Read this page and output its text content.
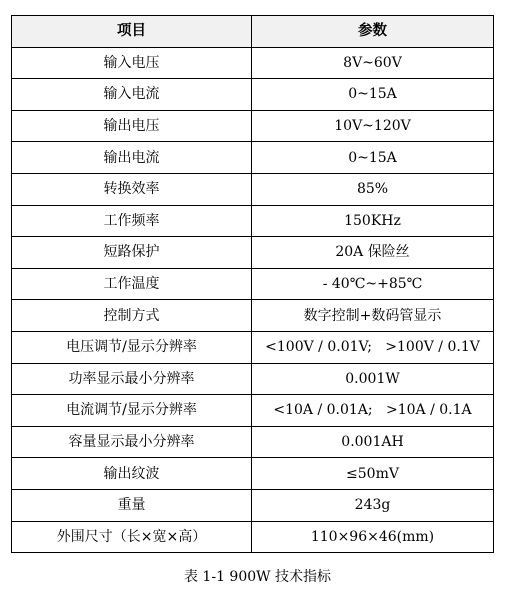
项目	参数
输入电压	8V~60V
输入电流	0~15A
输出电压	10V~120V
输出电流	0~15A
转换效率	85%
工作频率	150KHz
短路保护	20A 保险丝
工作温度	- 40℃~+85℃
控制方式	数字控制+数码管显示
电压调节/显示分辨率	<100V / 0.01V;   >100V / 0.1V
功率显示最小分辨率	0.001W
电流调节/显示分辨率	<10A / 0.01A;   >10A / 0.1A
容量显示最小分辨率	0.001AH
输出纹波	≤50mV
重量	243g
外围尺寸（长×宽×高）	110×96×46(mm)
表 1-1 900W 技术指标
